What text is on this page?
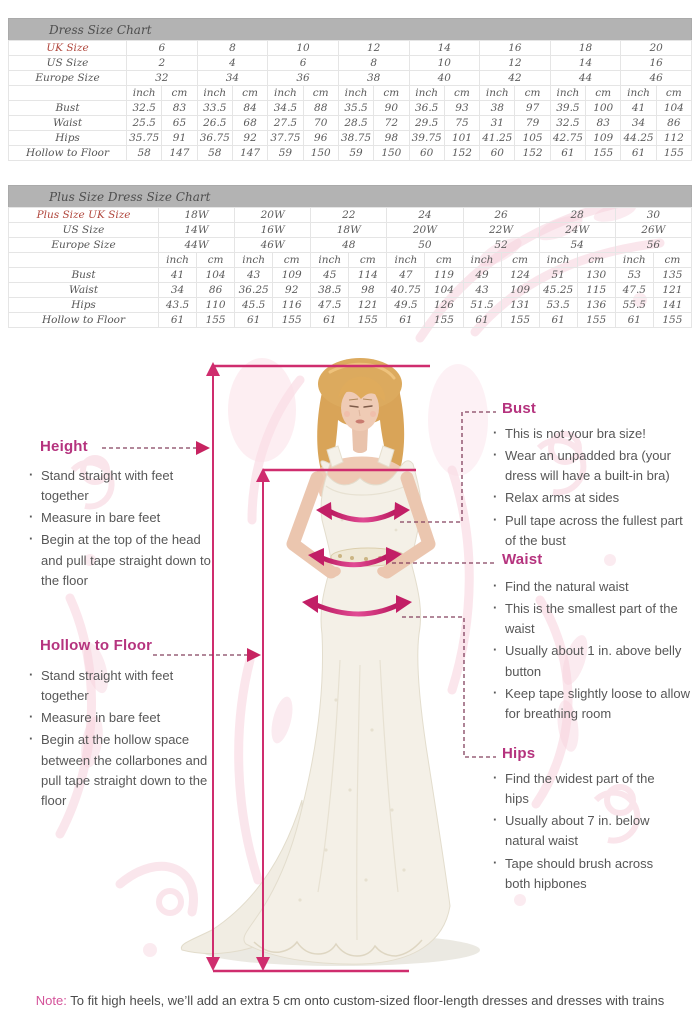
Dress Size Chart
UK Size	6		8		10		12		14		16		18		20	
US Size	2		4		6		8		10		12		14		16	
Europe Size	32		34		36		38		40		42		44		46	
	inch	cm	inch	cm	inch	cm	inch	cm	inch	cm	inch	cm	inch	cm	inch	cm
Bust	32.5	83	33.5	84	34.5	88	35.5	90	36.5	93	38	97	39.5	100	41	104
Waist	25.5	65	26.5	68	27.5	70	28.5	72	29.5	75	31	79	32.5	83	34	86
Hips	35.75	91	36.75	92	37.75	96	38.75	98	39.75	101	41.25	105	42.75	109	44.25	112
Hollow to Floor	58	147	58	147	59	150	59	150	60	152	60	152	61	155	61	155
Plus Size Dress Size Chart
Plus Size UK Size	18W		20W		22		24		26		28		30	
US Size	14W		16W		18W		20W		22W		24W		26W	
Europe Size	44W		46W		48		50		52		54		56	
	inch	cm	inch	cm	inch	cm	inch	cm	inch	cm	inch	cm	inch	cm
Bust	41	104	43	109	45	114	47	119	49	124	51	130	53	135
Waist	34	86	36.25	92	38.5	98	40.75	104	43	109	45.25	115	47.5	121
Hips	43.5	110	45.5	116	47.5	121	49.5	126	51.5	131	53.5	136	55.5	141
Hollow to Floor	61	155	61	155	61	155	61	155	61	155	61	155	61	155
Height
Hollow to Floor
Bust
Waist
Hips
· Stand straight with feet together
· Measure in bare feet
· Begin at the top of the head and pull tape straight down to the floor
· Stand straight with feet together
· Measure in bare feet
· Begin at the hollow space between the collarbones and pull tape straight down to the floor
· This is not your bra size!
· Wear an unpadded bra (your dress will have a built-in bra)
· Relax arms at sides
· Pull tape across the fullest part of the bust
· Find the natural waist
· This is the smallest part of the waist
· Usually about 1 in. above belly button
· Keep tape slightly loose to allow for breathing room
· Find the widest part of the hips
· Usually about 7 in. below natural waist
· Tape should brush across both hipbones
Note: To fit high heels, we’ll add an extra 5 cm onto custom-sized floor-length dresses and dresses with trains
